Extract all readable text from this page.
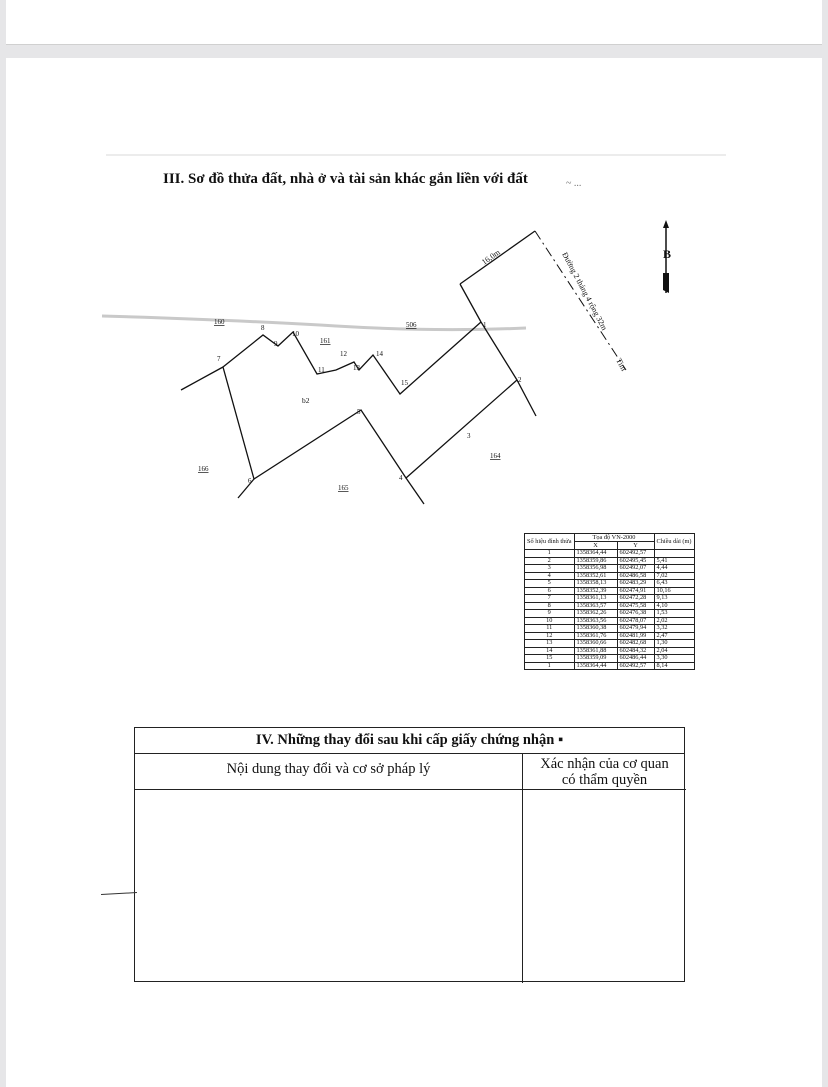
III. Sơ đồ thửa đất, nhà ở và tài sản khác gắn liền với đất	~ ...
B
Đường 2 tháng 4 rộng 32m
Tim
16,0m
b2
160
161
506
164
165
166
1
2
3
4
5
6
7
8
9
10
11
12
13
14
15
Số hiệu đỉnh thửa	Tọa độ VN-2000		Chiều dài (m)
	X	Y	
1	1358364,44	602492,57	
2	1358359,86	602495,45	5,41
3	1358356,98	602492,07	4,44
4	1358352,61	602486,58	7,02
5	1358358,13	602483,29	6,43
6	1358352,39	602474,91	10,16
7	1358361,13	602472,28	9,13
8	1358363,57	602475,58	4,10
9	1358362,26	602476,38	1,53
10	1358363,56	602478,07	2,02
11	1358360,38	602479,94	3,32
12	1358361,76	602481,99	2,47
13	1358360,66	602482,68	1,30
14	1358361,88	602484,32	2,04
15	1358359,09	602486,44	3,30
1	1358364,44	602492,57	8,14
IV. Những thay đổi sau khi cấp giấy chứng nhận ▪
Nội dung thay đổi và cơ sở pháp lý	Xác nhận của cơ quan
có thẩm quyền
